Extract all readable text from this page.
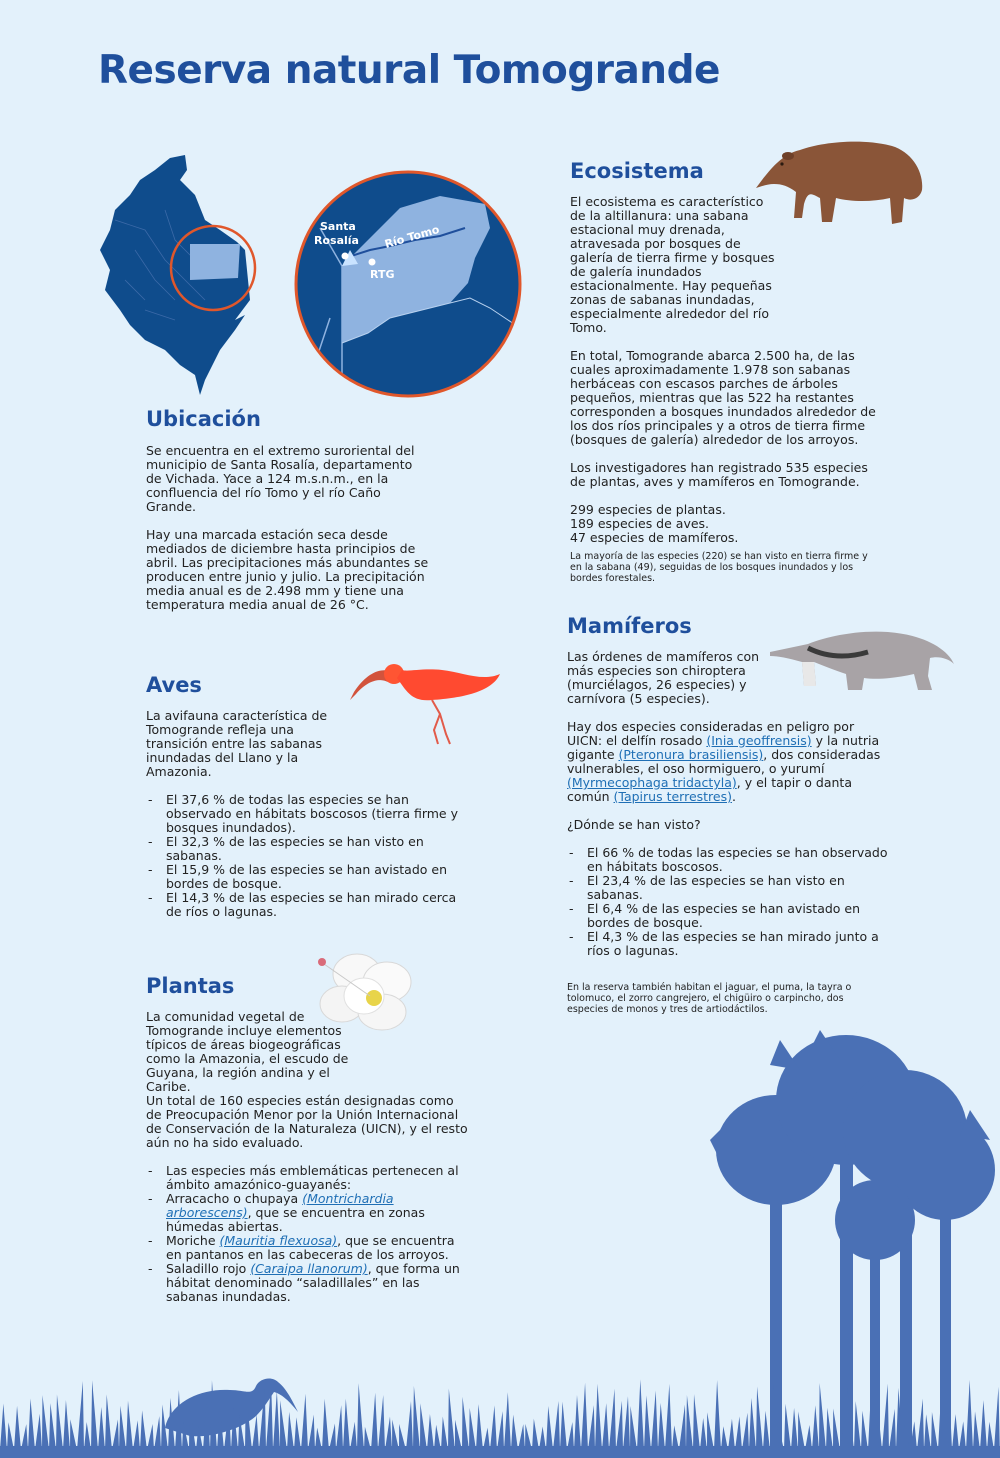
Reserva natural Tomogrande
Santa
Rosalía Río Tomo
RTG
Ubicación

Se encuentra en el extremo suroriental del municipio de Santa Rosalía, departamento de Vichada. Yace a 124 m.s.n.m., en la confluencia del río Tomo y el río Caño Grande.

Hay una marcada estación seca desde mediados de diciembre hasta principios de abril. Las precipitaciones más abundantes se producen entre junio y julio. La precipitación media anual es de 2.498 mm y tiene una temperatura media anual de 26 °C.

Aves

La avifauna característica de Tomogrande refleja una transición entre las sabanas inundadas del Llano y la Amazonia.

- El 37,6 % de todas las especies se han observado en hábitats boscosos (tierra firme y bosques inundados).
- El 32,3 % de las especies se han visto en sabanas.
- El 15,9 % de las especies se han avistado en bordes de bosque.
- El 14,3 % de las especies se han mirado cerca de ríos o lagunas.
Plantas

La comunidad vegetal de Tomogrande incluye elementos típicos de áreas biogeográficas como la Amazonia, el escudo de Guyana, la región andina y el Caribe.

Un total de 160 especies están designadas como de Preocupación Menor por la Unión Internacional de Conservación de la Naturaleza (UICN), y el resto aún no ha sido evaluado.

- Las especies más emblemáticas pertenecen al ámbito amazónico-guayanés:
- Arracacho o chupaya (Montrichardia arborescens), que se encuentra en zonas húmedas abiertas.
- Moriche (Mauritia flexuosa), que se encuentra en pantanos en las cabeceras de los arroyos.
- Saladillo rojo (Caraipa llanorum), que forma un hábitat denominado “saladillales” en las sabanas inundadas.
Ecosistema

El ecosistema es característico de la altillanura: una sabana estacional muy drenada, atravesada por bosques de galería de tierra firme y bosques de galería inundados estacionalmente. Hay pequeñas zonas de sabanas inundadas, especialmente alrededor del río Tomo.

En total, Tomogrande abarca 2.500 ha, de las cuales aproximadamente 1.978 son sabanas herbáceas con escasos parches de árboles pequeños, mientras que las 522 ha restantes corresponden a bosques inundados alrededor de los dos ríos principales y a otros de tierra firme (bosques de galería) alrededor de los arroyos.

Los investigadores han registrado 535 especies de plantas, aves y mamíferos en Tomogrande.

299 especies de plantas.
189 especies de aves.
47 especies de mamíferos.
La mayoría de las especies (220) se han visto en tierra firme y en la sabana (49), seguidas de los bosques inundados y los bordes forestales.
Mamíferos

Las órdenes de mamíferos con más especies son chiroptera (murciélagos, 26 especies) y carnívora (5 especies).

Hay dos especies consideradas en peligro por UICN: el delfín rosado (Inia geoffrensis) y la nutria gigante (Pteronura brasiliensis), dos consideradas vulnerables, el oso hormiguero, o yurumí (Myrmecophaga tridactyla), y el tapir o danta común (Tapirus terrestres).

¿Dónde se han visto?

- El 66 % de todas las especies se han observado en hábitats boscosos.
- El 23,4 % de las especies se han visto en sabanas.
- El 6,4 % de las especies se han avistado en bordes de bosque.
- El 4,3 % de las especies se han mirado junto a ríos o lagunas.
En la reserva también habitan el jaguar, el puma, la tayra o tolomuco, el zorro cangrejero, el chigüiro o carpincho, dos especies de monos y tres de artiodáctilos.
